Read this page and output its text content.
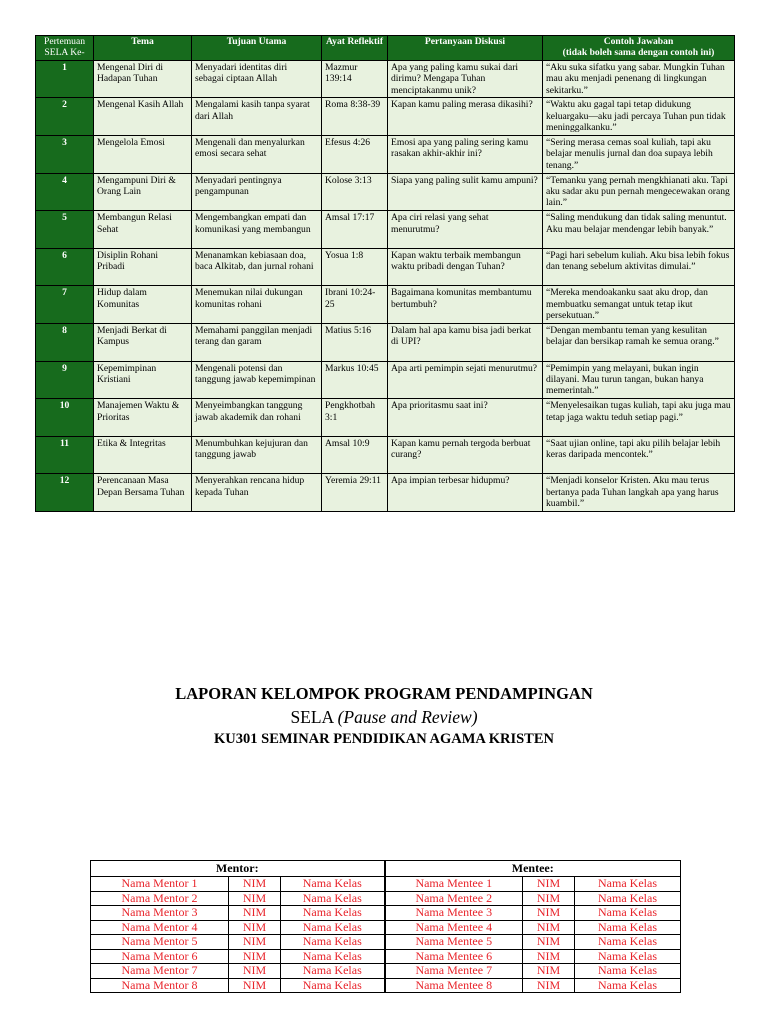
Pertemuan SELA Ke-	Tema	Tujuan Utama	Ayat Reflektif	Pertanyaan Diskusi	Contoh Jawaban
(tidak boleh sama dengan contoh ini)
1	Mengenal Diri di Hadapan Tuhan	Menyadari identitas diri sebagai ciptaan Allah	Mazmur 139:14	Apa yang paling kamu sukai dari dirimu? Mengapa Tuhan menciptakanmu unik?	“Aku suka sifatku yang sabar. Mungkin Tuhan mau aku menjadi penenang di lingkungan sekitarku.”
2	Mengenal Kasih Allah	Mengalami kasih tanpa syarat dari Allah	Roma 8:38-39	Kapan kamu paling merasa dikasihi?	“Waktu aku gagal tapi tetap didukung keluargaku—aku jadi percaya Tuhan pun tidak meninggalkanku.”
3	Mengelola Emosi	Mengenali dan menyalurkan emosi secara sehat	Efesus 4:26	Emosi apa yang paling sering kamu rasakan akhir-akhir ini?	“Sering merasa cemas soal kuliah, tapi aku belajar menulis jurnal dan doa supaya lebih tenang.”
4	Mengampuni Diri & Orang Lain	Menyadari pentingnya pengampunan	Kolose 3:13	Siapa yang paling sulit kamu ampuni?	“Temanku yang pernah mengkhianati aku. Tapi aku sadar aku pun pernah mengecewakan orang lain.”
5	Membangun Relasi Sehat	Mengembangkan empati dan komunikasi yang membangun	Amsal 17:17	Apa ciri relasi yang sehat menurutmu?	“Saling mendukung dan tidak saling menuntut. Aku mau belajar mendengar lebih banyak.”
6	Disiplin Rohani Pribadi	Menanamkan kebiasaan doa, baca Alkitab, dan jurnal rohani	Yosua 1:8	Kapan waktu terbaik membangun waktu pribadi dengan Tuhan?	“Pagi hari sebelum kuliah. Aku bisa lebih fokus dan tenang sebelum aktivitas dimulai.”
7	Hidup dalam Komunitas	Menemukan nilai dukungan komunitas rohani	Ibrani 10:24-25	Bagaimana komunitas membantumu bertumbuh?	“Mereka mendoakanku saat aku drop, dan membuatku semangat untuk tetap ikut persekutuan.”
8	Menjadi Berkat di Kampus	Memahami panggilan menjadi terang dan garam	Matius 5:16	Dalam hal apa kamu bisa jadi berkat di UPI?	“Dengan membantu teman yang kesulitan belajar dan bersikap ramah ke semua orang.”
9	Kepemimpinan Kristiani	Mengenali potensi dan tanggung jawab kepemimpinan	Markus 10:45	Apa arti pemimpin sejati menurutmu?	“Pemimpin yang melayani, bukan ingin dilayani. Mau turun tangan, bukan hanya memerintah.”
10	Manajemen Waktu & Prioritas	Menyeimbangkan tanggung jawab akademik dan rohani	Pengkhotbah 3:1	Apa prioritasmu saat ini?	“Menyelesaikan tugas kuliah, tapi aku juga mau tetap jaga waktu teduh setiap pagi.”
11	Etika & Integritas	Menumbuhkan kejujuran dan tanggung jawab	Amsal 10:9	Kapan kamu pernah tergoda berbuat curang?	“Saat ujian online, tapi aku pilih belajar lebih keras daripada mencontek.”
12	Perencanaan Masa Depan Bersama Tuhan	Menyerahkan rencana hidup kepada Tuhan	Yeremia 29:11	Apa impian terbesar hidupmu?	“Menjadi konselor Kristen. Aku mau terus bertanya pada Tuhan langkah apa yang harus kuambil.”
LAPORAN KELOMPOK PROGRAM PENDAMPINGAN
SELA (Pause and Review)
KU301 SEMINAR PENDIDIKAN AGAMA KRISTEN
Mentor:			Mentee:		
Nama Mentor 1	NIM	Nama Kelas	Nama Mentee 1	NIM	Nama Kelas
Nama Mentor 2	NIM	Nama Kelas	Nama Mentee 2	NIM	Nama Kelas
Nama Mentor 3	NIM	Nama Kelas	Nama Mentee 3	NIM	Nama Kelas
Nama Mentor 4	NIM	Nama Kelas	Nama Mentee 4	NIM	Nama Kelas
Nama Mentor 5	NIM	Nama Kelas	Nama Mentee 5	NIM	Nama Kelas
Nama Mentor 6	NIM	Nama Kelas	Nama Mentee 6	NIM	Nama Kelas
Nama Mentor 7	NIM	Nama Kelas	Nama Mentee 7	NIM	Nama Kelas
Nama Mentor 8	NIM	Nama Kelas	Nama Mentee 8	NIM	Nama Kelas
